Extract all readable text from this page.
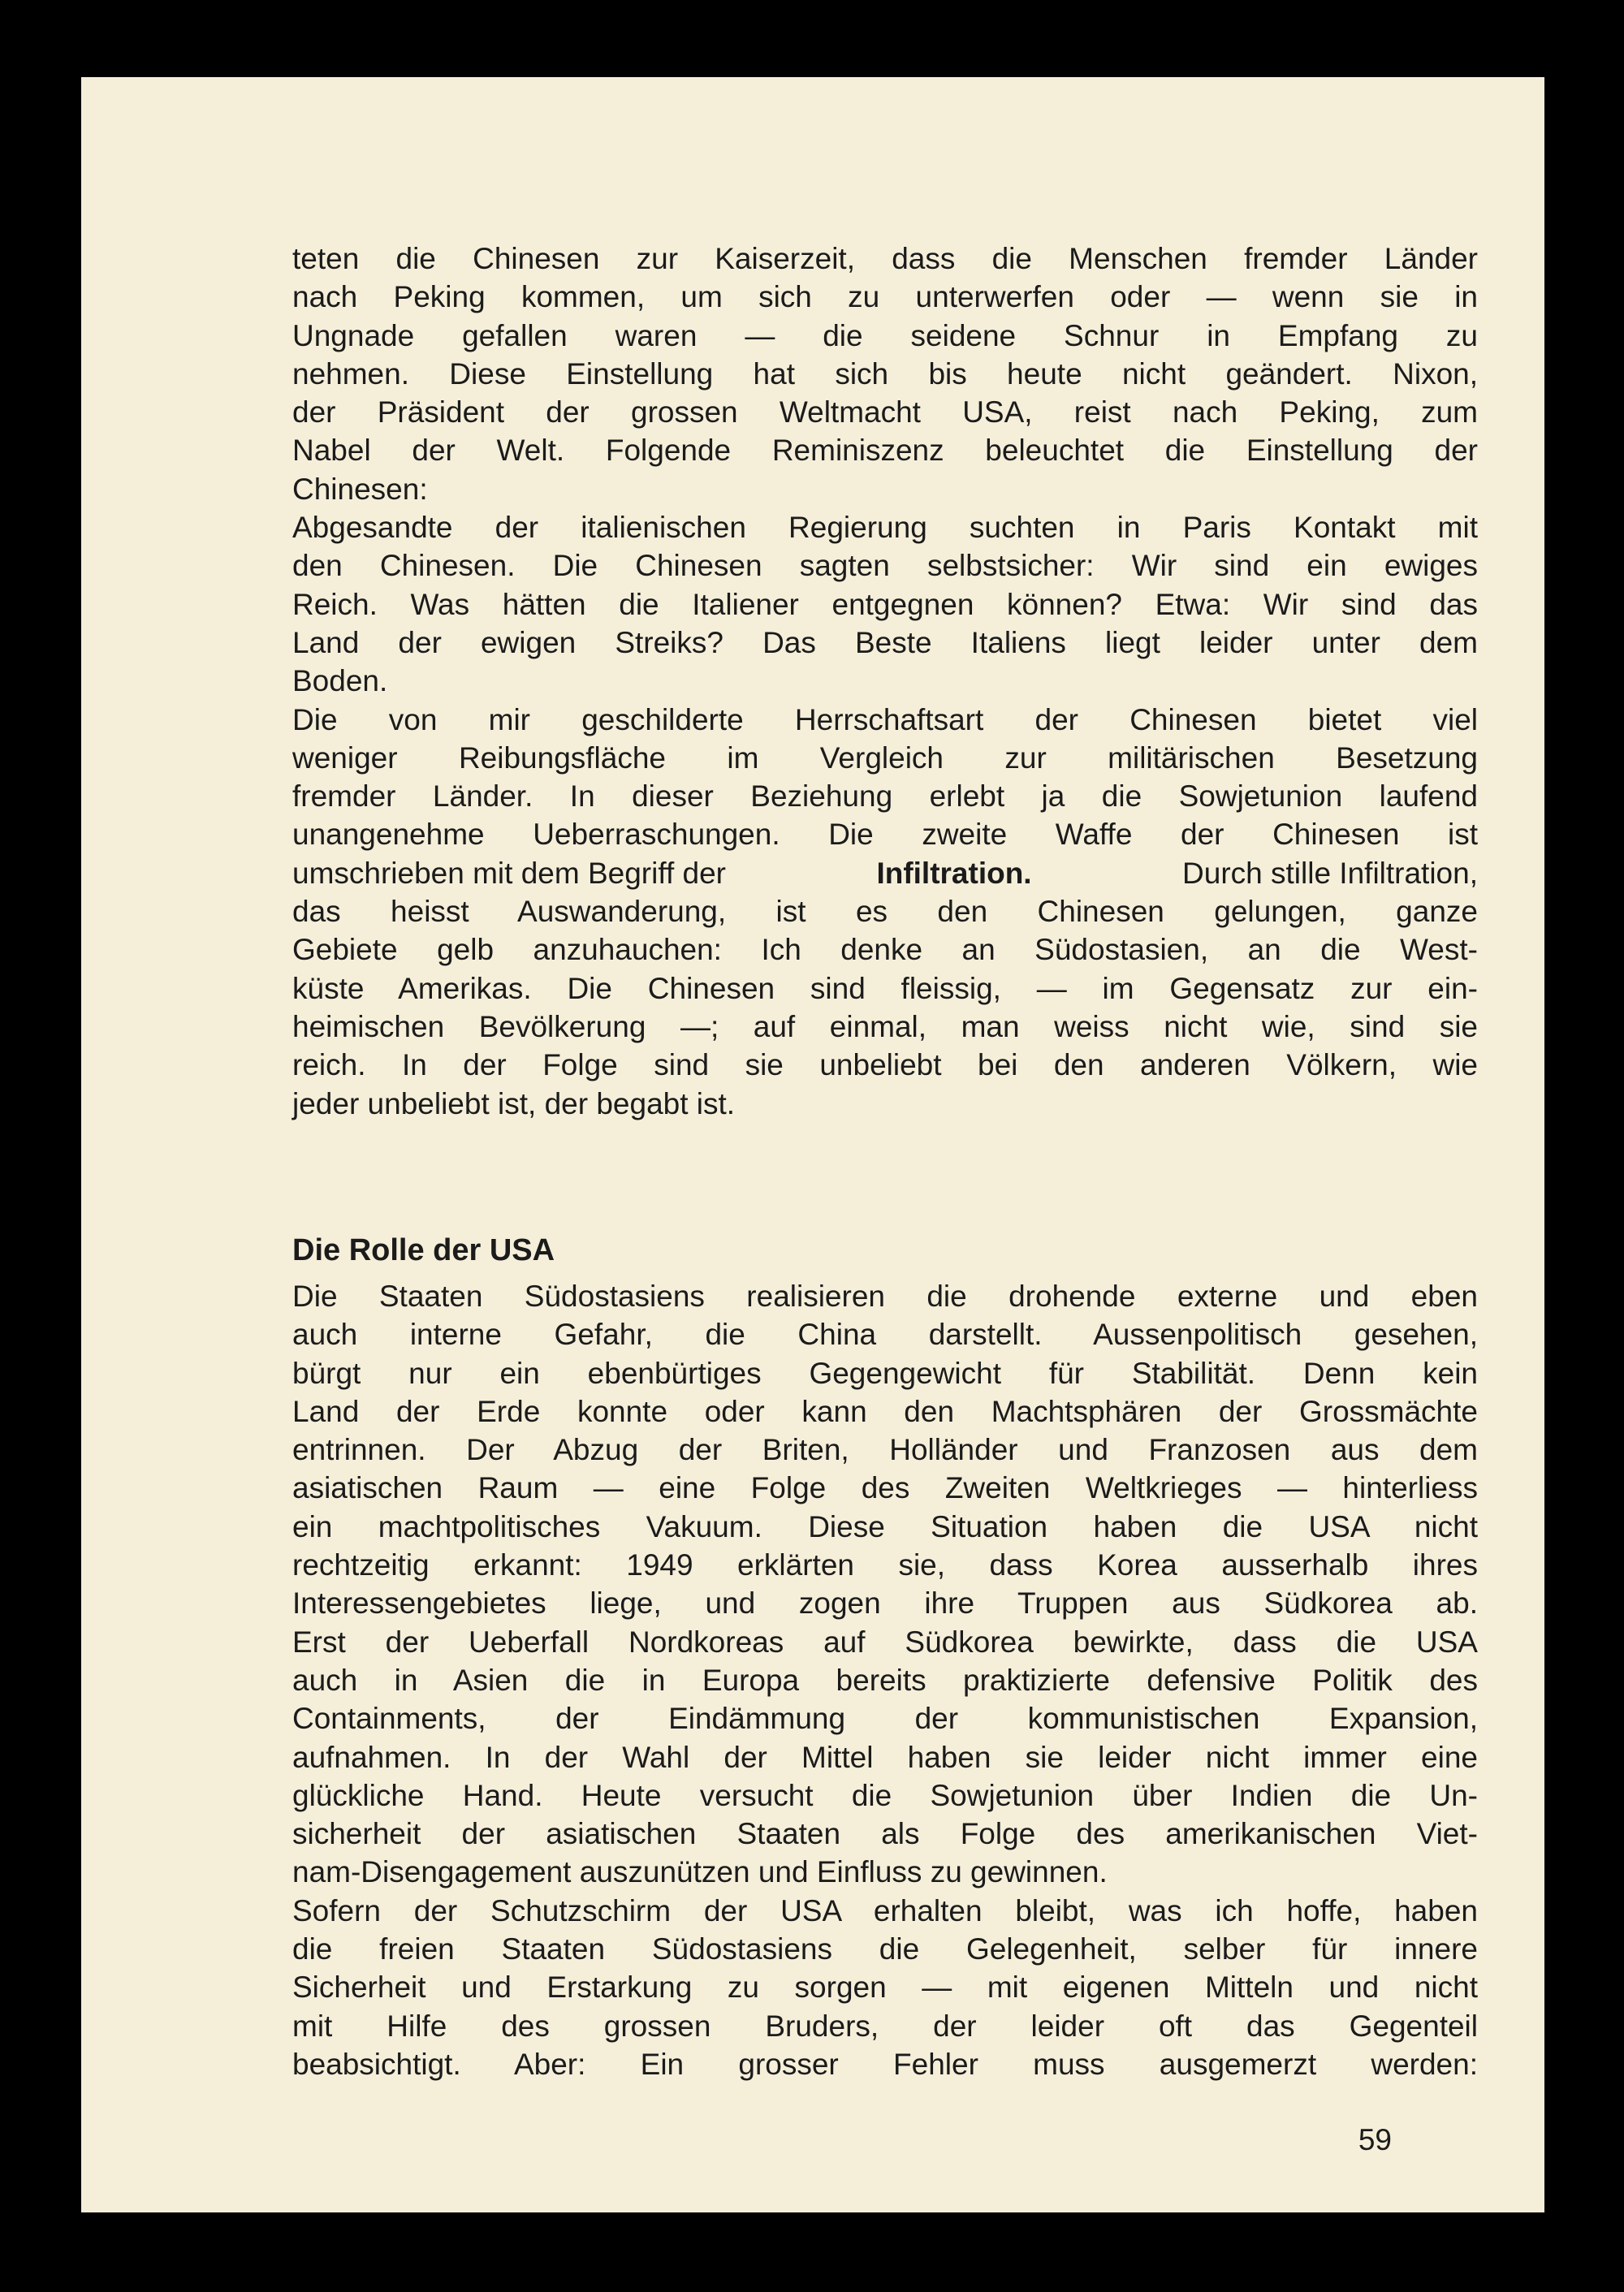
teten die Chinesen zur Kaiserzeit, dass die Menschen fremder Länder
nach Peking kommen, um sich zu unterwerfen oder — wenn sie in
Ungnade gefallen waren — die seidene Schnur in Empfang zu
nehmen. Diese Einstellung hat sich bis heute nicht geändert. Nixon,
der Präsident der grossen Weltmacht USA, reist nach Peking, zum
Nabel der Welt. Folgende Reminiszenz beleuchtet die Einstellung der
Chinesen:
Abgesandte der italienischen Regierung suchten in Paris Kontakt mit
den Chinesen. Die Chinesen sagten selbstsicher: Wir sind ein ewiges
Reich. Was hätten die Italiener entgegnen können? Etwa: Wir sind das
Land der ewigen Streiks? Das Beste Italiens liegt leider unter dem
Boden.
Die von mir geschilderte Herrschaftsart der Chinesen bietet viel
weniger Reibungsfläche im Vergleich zur militärischen Besetzung
fremder Länder. In dieser Beziehung erlebt ja die Sowjetunion laufend
unangenehme Ueberraschungen. Die zweite Waffe der Chinesen ist
umschrieben mit dem Begriff der	Infiltration.	Durch stille Infiltration,
das heisst Auswanderung, ist es den Chinesen gelungen, ganze
Gebiete gelb anzuhauchen: Ich denke an Südostasien, an die West-
küste Amerikas. Die Chinesen sind fleissig, — im Gegensatz zur ein-
heimischen Bevölkerung —; auf einmal, man weiss nicht wie, sind sie
reich. In der Folge sind sie unbeliebt bei den anderen Völkern, wie
jeder unbeliebt ist, der begabt ist.
Die Rolle der USA
Die Staaten Südostasiens realisieren die drohende externe und eben
auch interne Gefahr, die China darstellt. Aussenpolitisch gesehen,
bürgt nur ein ebenbürtiges Gegengewicht für Stabilität. Denn kein
Land der Erde konnte oder kann den Machtsphären der Grossmächte
entrinnen. Der Abzug der Briten, Holländer und Franzosen aus dem
asiatischen Raum — eine Folge des Zweiten Weltkrieges — hinterliess
ein machtpolitisches Vakuum. Diese Situation haben die USA nicht
rechtzeitig erkannt: 1949 erklärten sie, dass Korea ausserhalb ihres
Interessengebietes liege, und zogen ihre Truppen aus Südkorea ab.
Erst der Ueberfall Nordkoreas auf Südkorea bewirkte, dass die USA
auch in Asien die in Europa bereits praktizierte defensive Politik des
Containments, der Eindämmung der kommunistischen Expansion,
aufnahmen. In der Wahl der Mittel haben sie leider nicht immer eine
glückliche Hand. Heute versucht die Sowjetunion über Indien die Un-
sicherheit der asiatischen Staaten als Folge des amerikanischen Viet-
nam-Disengagement auszunützen und Einfluss zu gewinnen.
Sofern der Schutzschirm der USA erhalten bleibt, was ich hoffe, haben
die freien Staaten Südostasiens die Gelegenheit, selber für innere
Sicherheit und Erstarkung zu sorgen — mit eigenen Mitteln und nicht
mit Hilfe des grossen Bruders, der leider oft das Gegenteil
beabsichtigt. Aber: Ein grosser Fehler muss ausgemerzt werden:
59
